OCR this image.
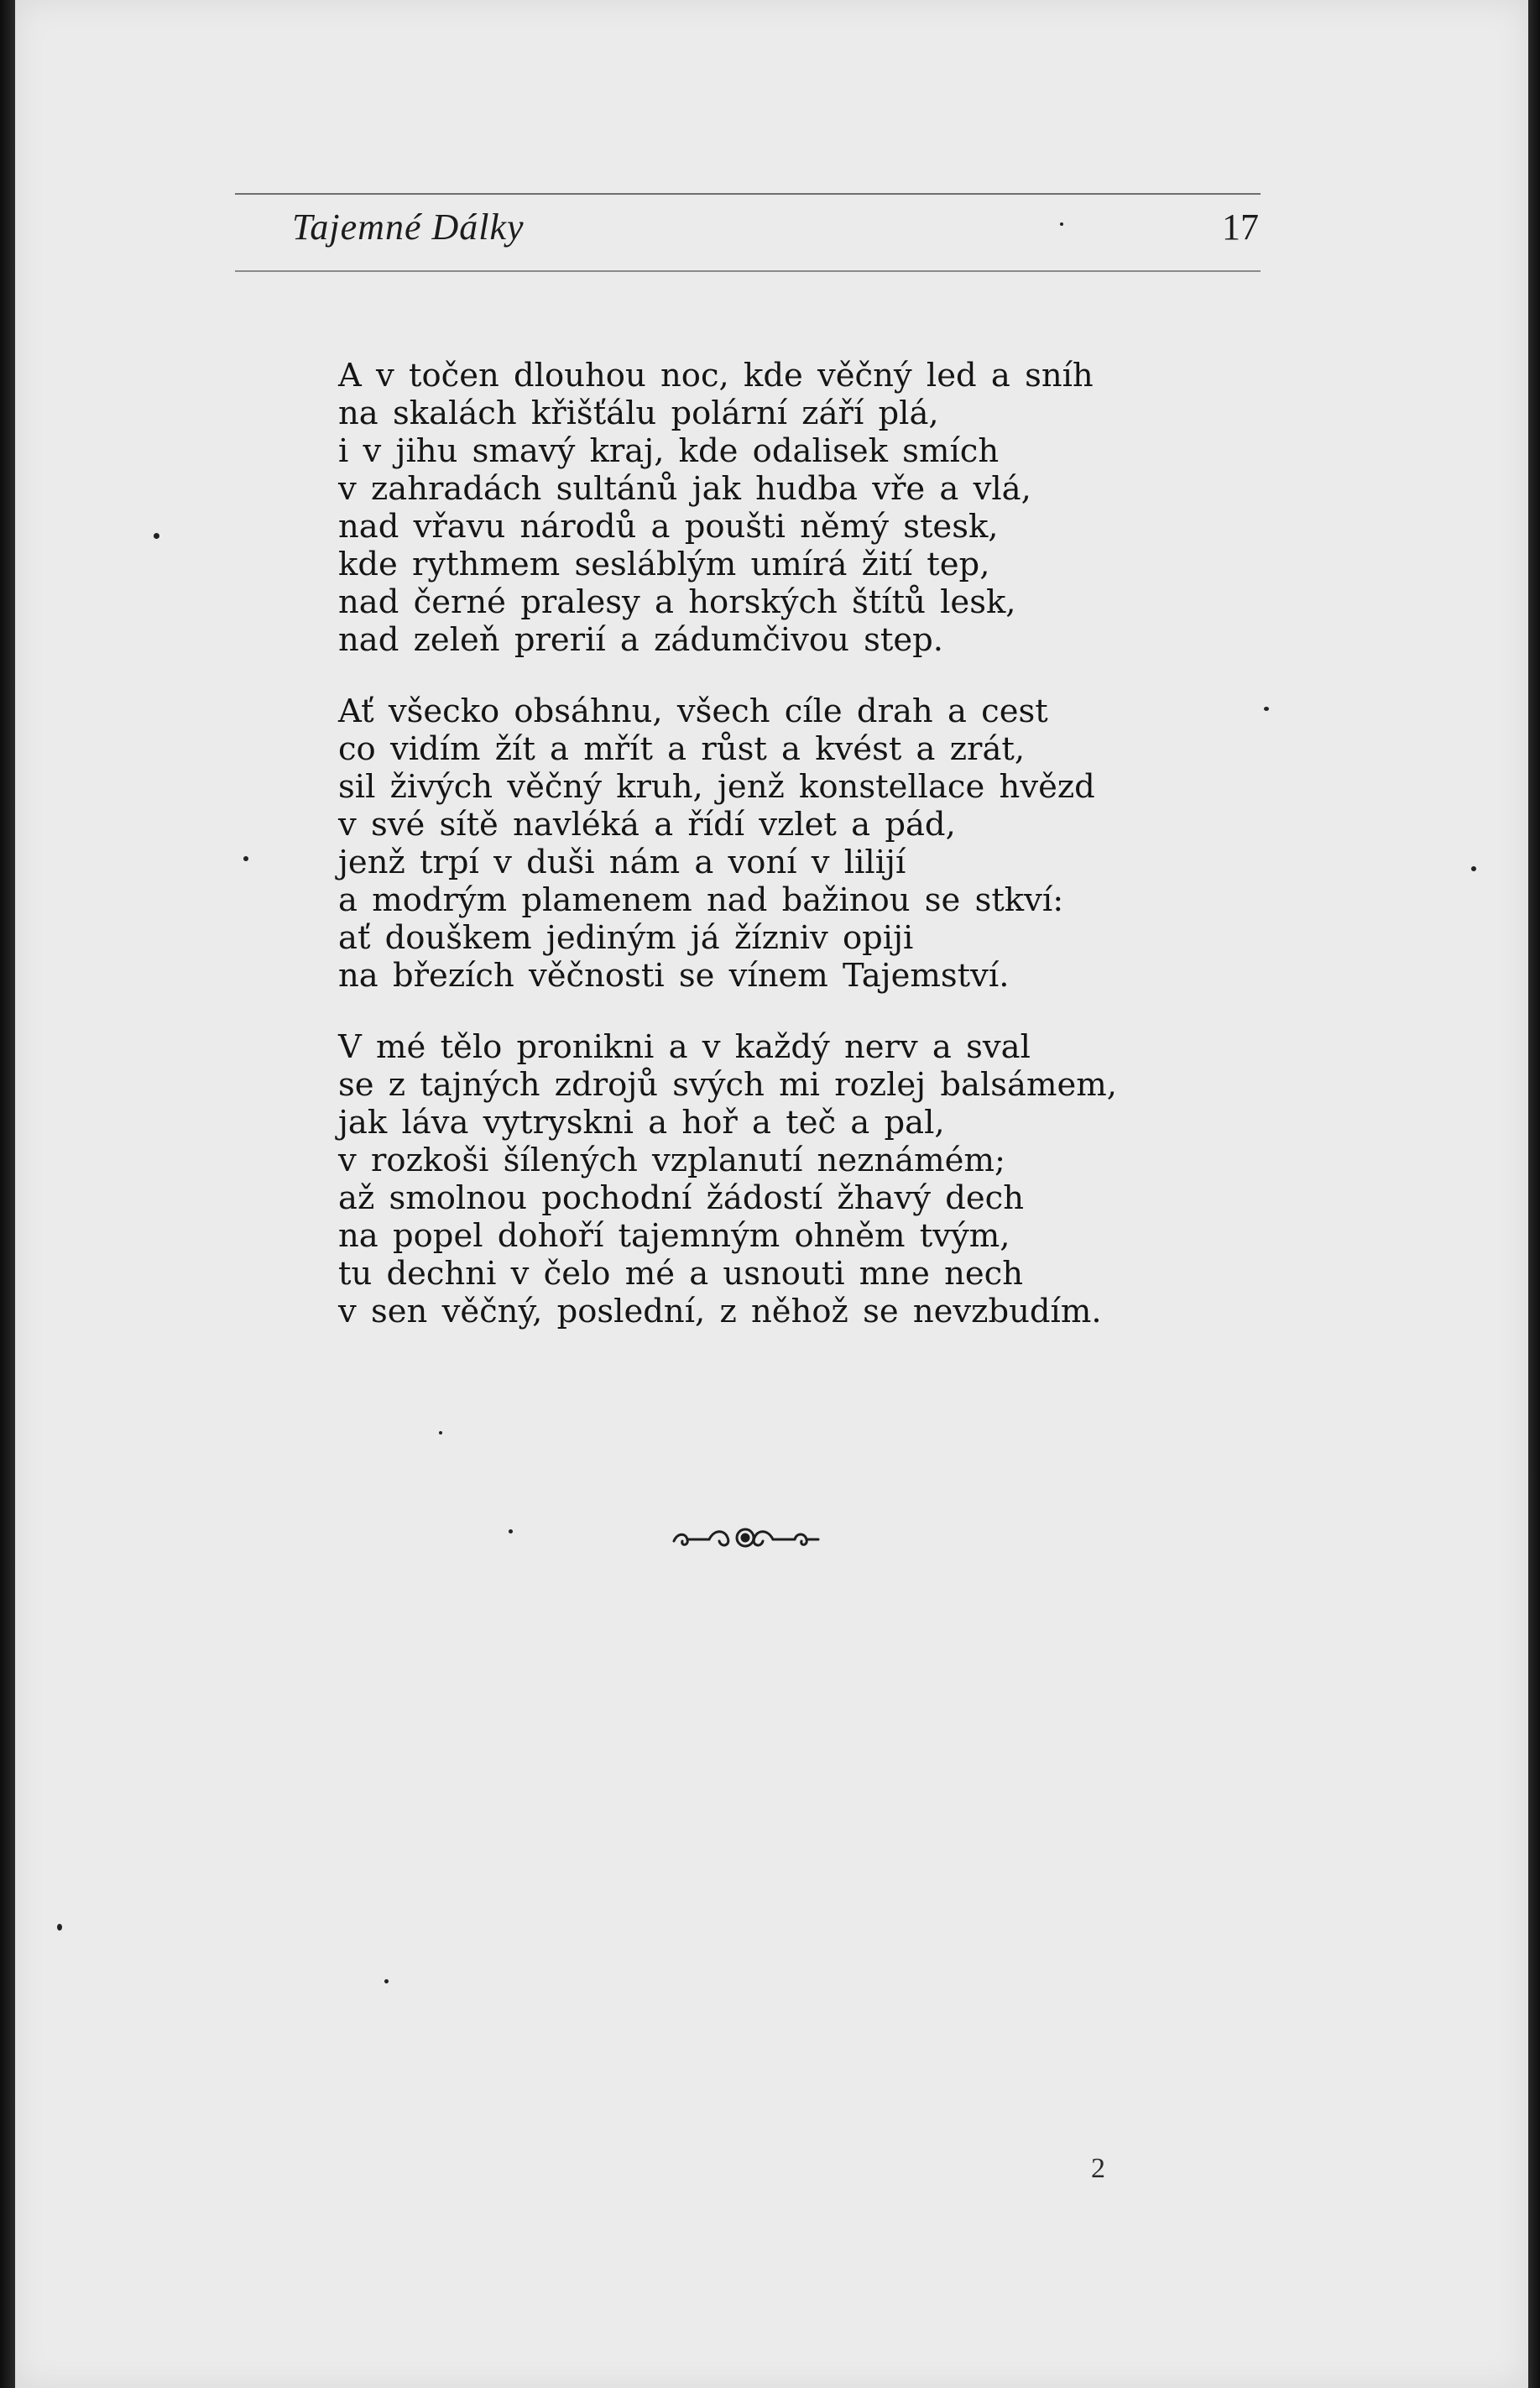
Tajemné Dálky	17
A v točen dlouhou noc, kde věčný led a sníh
na skalách křišťálu polární září plá,
i v jihu smavý kraj, kde odalisek smích
v zahradách sultánů jak hudba vře a vlá,
nad vřavu národů a poušti němý stesk,
kde rythmem sesláblým umírá žití tep,
nad černé pralesy a horských štítů lesk,
nad zeleň prerií a zádumčivou step.
Ať všecko obsáhnu, všech cíle drah a cest
co vidím žít a mřít a růst a kvést a zrát,
sil živých věčný kruh, jenž konstellace hvězd
v své sítě navléká a řídí vzlet a pád,
jenž trpí v duši nám a voní v lilijí
a modrým plamenem nad bažinou se stkví:
ať douškem jediným já žízniv opiji
na březích věčnosti se vínem Tajemství.
V mé tělo pronikni a v každý nerv a sval
se z tajných zdrojů svých mi rozlej balsámem,
jak láva vytryskni a hoř a teč a pal,
v rozkoši šílených vzplanutí neznámém;
až smolnou pochodní žádostí žhavý dech
na popel dohoří tajemným ohněm tvým,
tu dechni v čelo mé a usnouti mne nech
v sen věčný, poslední, z něhož se nevzbudím.
2
